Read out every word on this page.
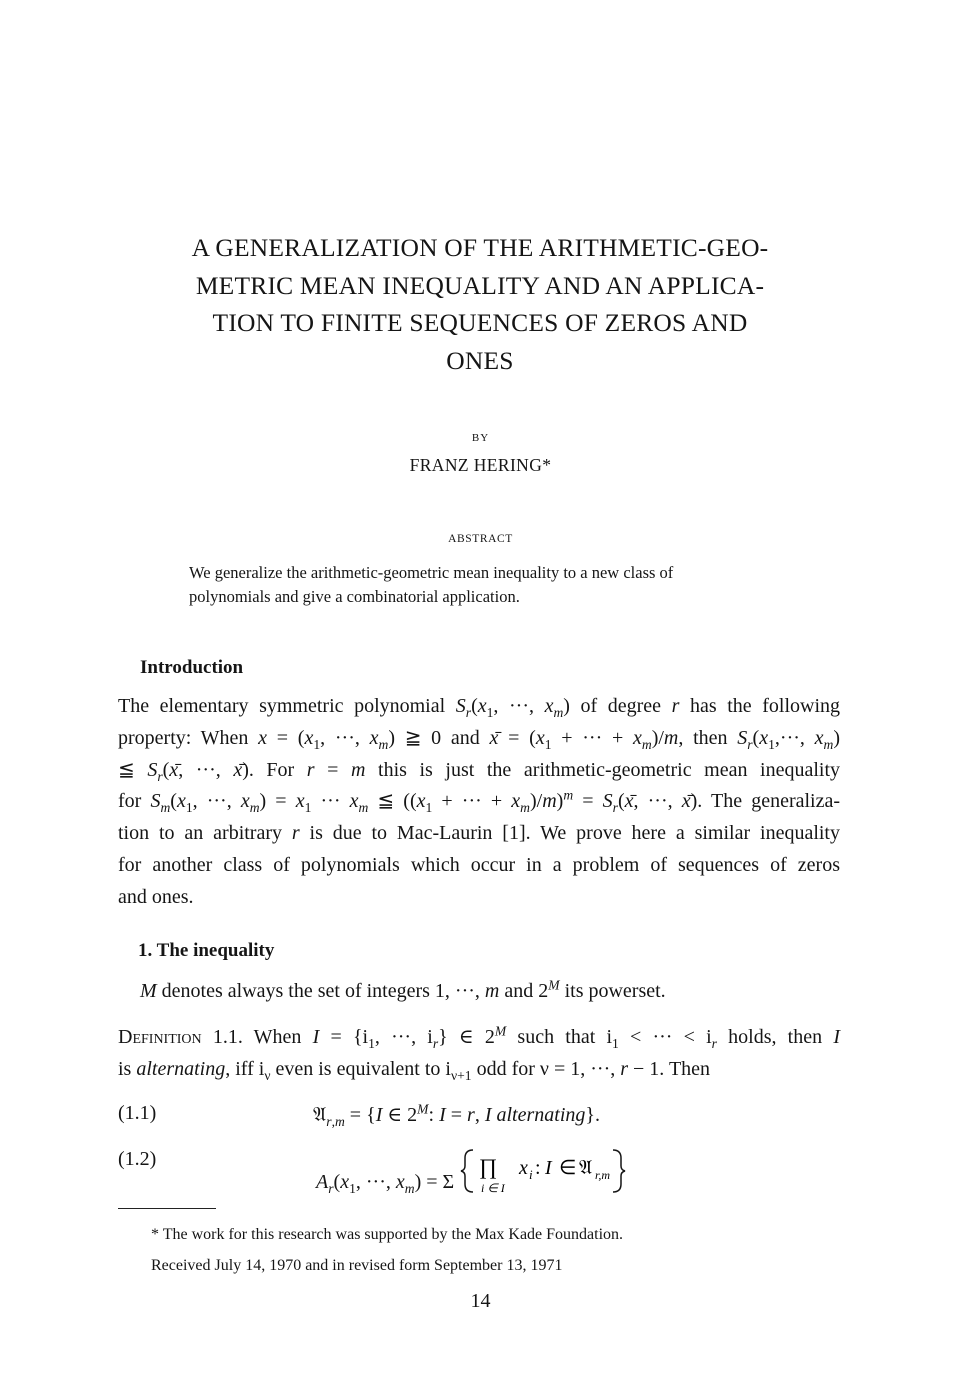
A GENERALIZATION OF THE ARITHMETIC-GEO-
METRIC MEAN INEQUALITY AND AN APPLICA-
TION TO FINITE SEQUENCES OF ZEROS AND
ONES
BY
FRANZ HERING*
ABSTRACT
We generalize the arithmetic-geometric mean inequality to a new class of
polynomials and give a combinatorial application.
Introduction
The elementary symmetric polynomial $S_r(x_1$, ···, $x_m$) of degree r has the following
property: When $x = (x_1$, ···, $x_m$) ≧ 0 and x̄ = ($x_1$ + ··· + $x_m)/m$, then $S_r(x_1,\cdot\cdot\cdot$, $x_m$)
≦ $S_r(x̄$, ···, x̄). For r = m this is just the arithmetic-geometric mean inequality
for $S_m(x_1$, ···, $x_m) = x_1$ ··· $x_m$ ≦ (($x_1$ + ··· + $x_m)/m)^m$ = $S_r(x̄$, ···, x̄). The generaliza-
tion to an arbitrary r is due to Mac-Laurin [1]. We prove here a similar inequality
for another class of polynomials which occur in a problem of sequences of zeros
and ones.
1. The inequality
M denotes always the set of integers 1, ···, m and $2^M$ its powerset.
Definition 1.1. When $I = \{i_1$, ···, $i_r$} ∈ $2^M$ such that $i_1$ < ··· < $i_r$ holds, then I
is alternating, iff $i_\nu$ even is equivalent to $i_{\nu+1}$ odd for ν = 1, ···, r − 1. Then
(1.1)	𝔄$_{r,m}$ = {I ∈ $2^M$: I = r, I alternating}.
(1.2)
$A_r(x_1$, ···, $x_m) = \Sigma$
∏
i ∈ I
x i : I ∈ 𝔄 r,m
* The work for this research was supported by the Max Kade Foundation.
Received July 14, 1970 and in revised form September 13, 1971
14
